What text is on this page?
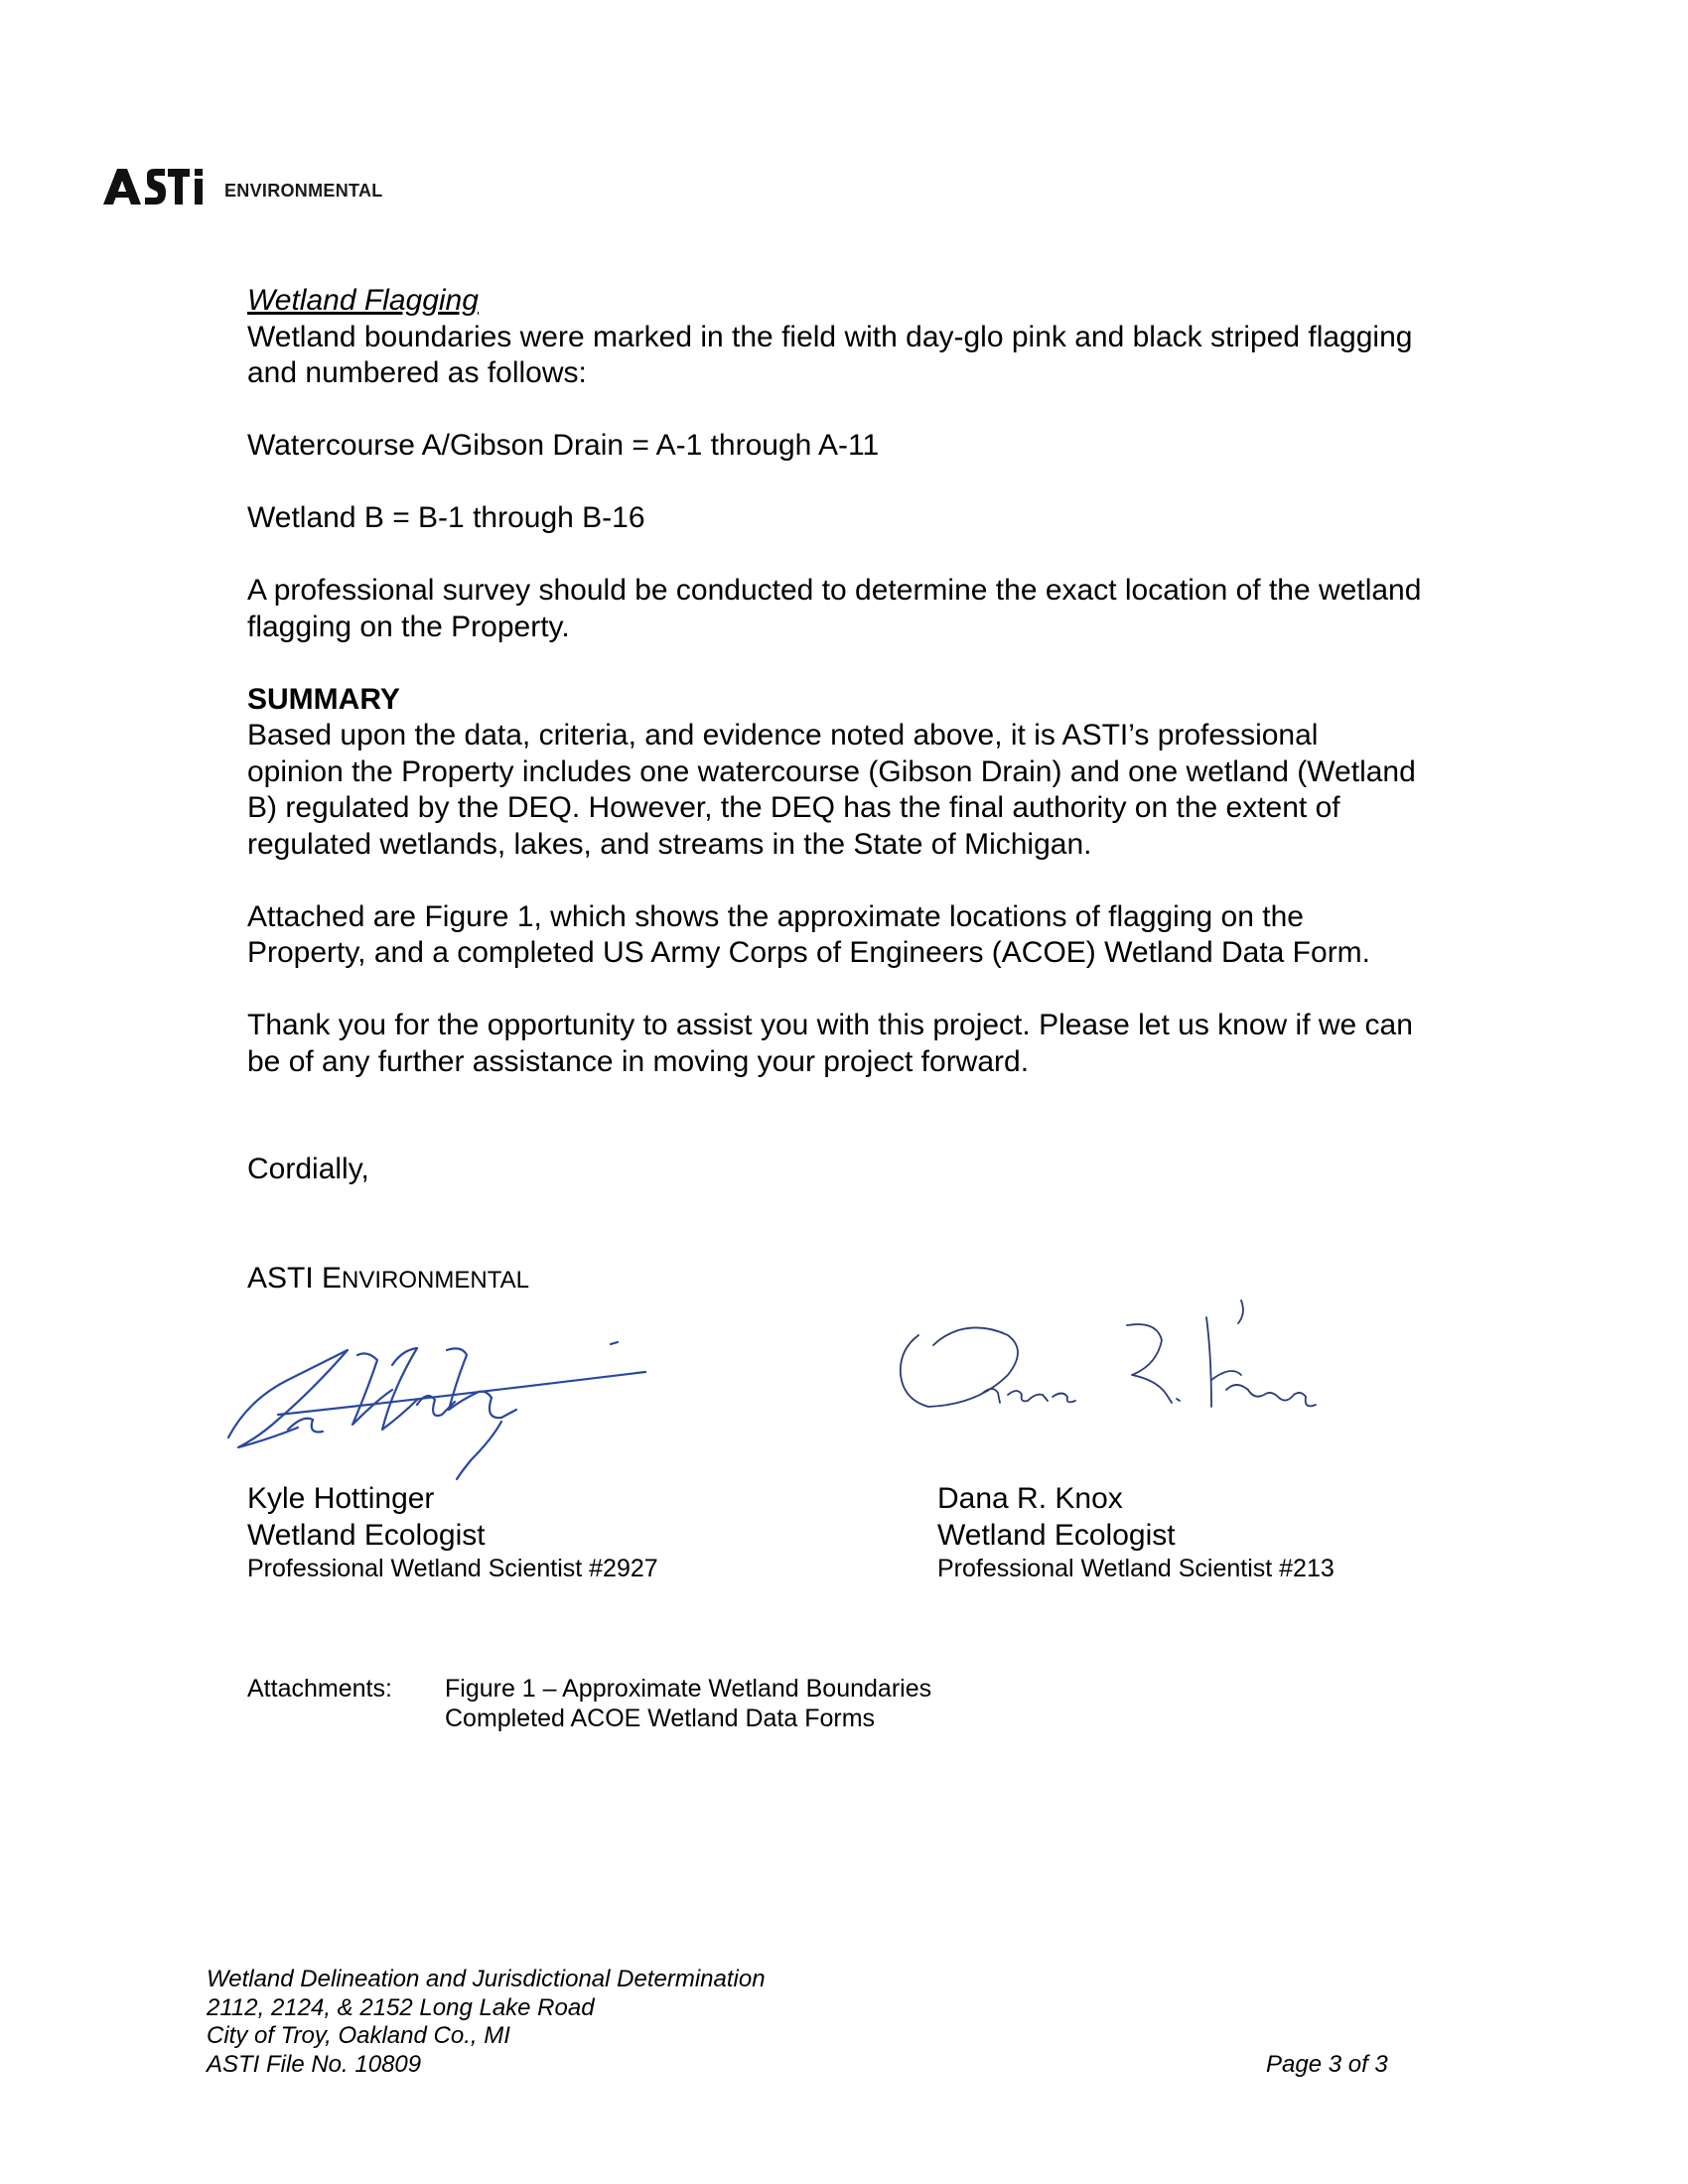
environmental

Wetland Flagging

Wetland boundaries were marked in the field with day-glo pink and black striped flagging

and numbered as follows:

Watercourse A/Gibson Drain = A-1 through A-11

Wetland B = B-1 through B-16

A professional survey should be conducted to determine the exact location of the wetland

flagging on the Property.

SUMMARY

Based upon the data, criteria, and evidence noted above, it is ASTI’s professional

opinion the Property includes one watercourse (Gibson Drain) and one wetland (Wetland

B) regulated by the DEQ. However, the DEQ has the final authority on the extent of

regulated wetlands, lakes, and streams in the State of Michigan.

Attached are Figure 1, which shows the approximate locations of flagging on the

Property, and a completed US Army Corps of Engineers (ACOE) Wetland Data Form.

Thank you for the opportunity to assist you with this project. Please let us know if we can

be of any further assistance in moving your project forward.

Cordially,
ASTI ENVIRONMENTAL

Kyle Hottinger

Wetland Ecologist

Professional Wetland Scientist #2927

Dana R. Knox

Wetland Ecologist

Professional Wetland Scientist #213

Attachments: Figure 1 – Approximate Wetland Boundaries

Completed ACOE Wetland Data Forms

Wetland Delineation and Jurisdictional Determination

2112, 2124, & 2152 Long Lake Road

City of Troy, Oakland Co., MI

ASTI File No. 10809	Page 3 of 3
